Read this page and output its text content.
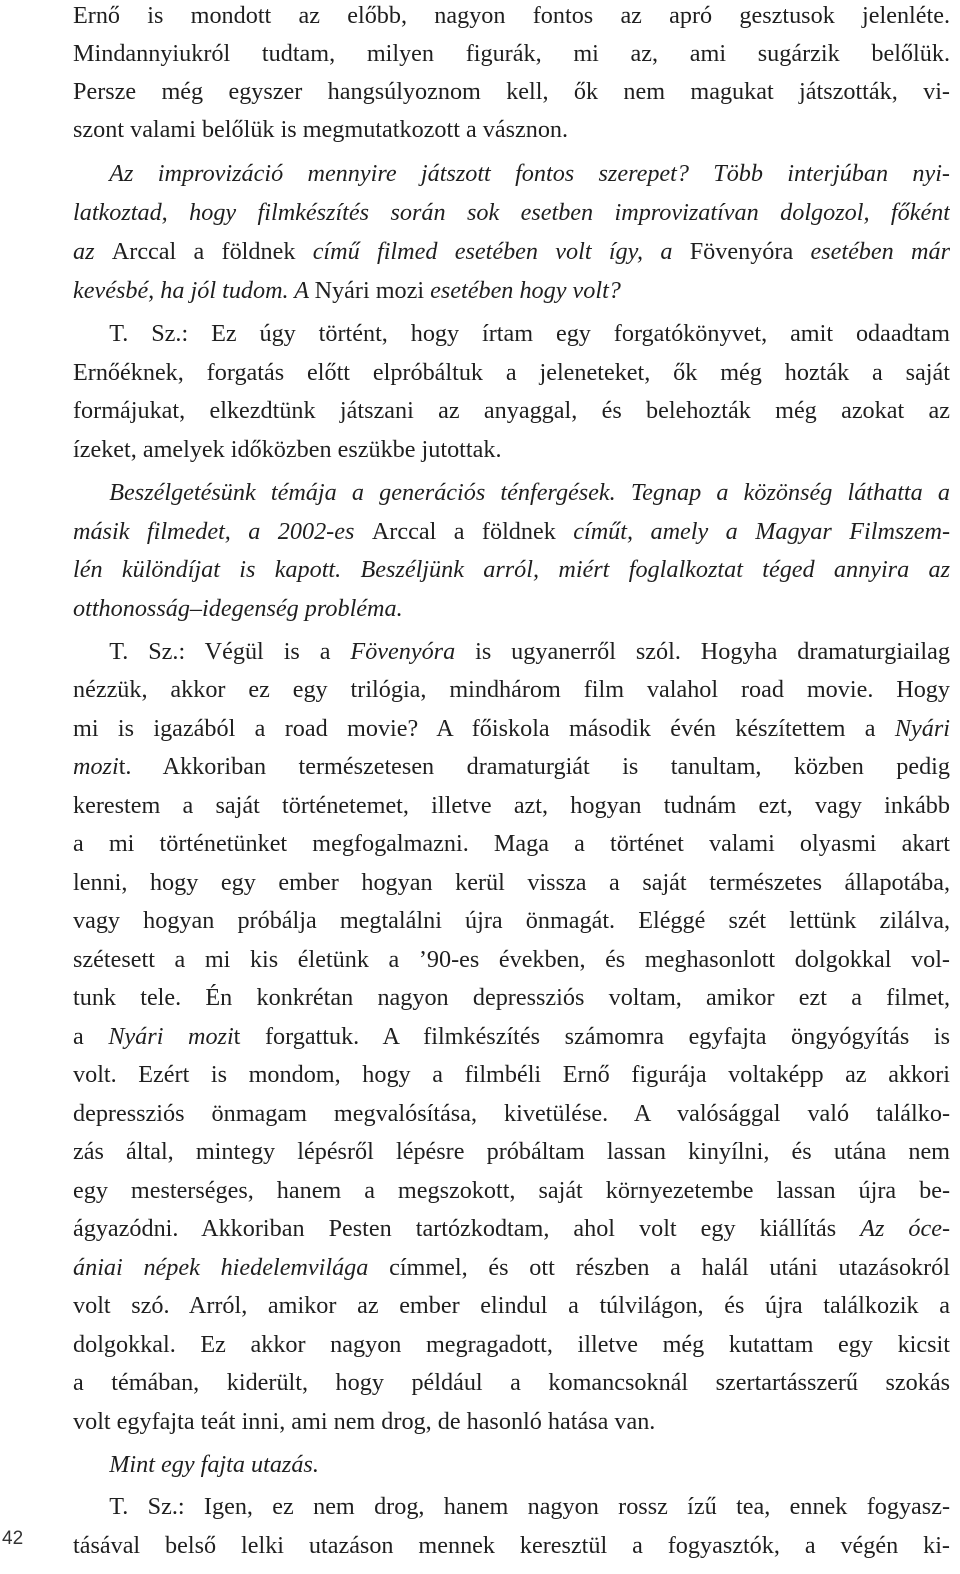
Ernő is mondott az előbb, nagyon fontos az apró gesztusok jelenléte.
Mindannyiukról tudtam, milyen figurák, mi az, ami sugárzik belőlük.
Persze még egyszer hangsúlyoznom kell, ők nem magukat játszották, vi-
szont valami belőlük is megmutatkozott a vásznon.
  Az improvizáció mennyire játszott fontos szerepet? Több interjúban nyi-
latkoztad, hogy filmkészítés során sok esetben improvizatívan dolgozol, főként
az Arccal a földnek című filmed esetében volt így, a Fövenyóra esetében már
kevésbé, ha jól tudom. A Nyári mozi esetében hogy volt?
  T. Sz.: Ez úgy történt, hogy írtam egy forgatókönyvet, amit odaadtam
Ernőéknek, forgatás előtt elpróbáltuk a jeleneteket, ők még hozták a saját
formájukat, elkezdtünk játszani az anyaggal, és belehozták még azokat az
ízeket, amelyek időközben eszükbe jutottak.
  Beszélgetésünk témája a generációs ténfergések. Tegnap a közönség láthatta a
másik filmedet, a 2002-es Arccal a földnek címűt, amely a Magyar Filmszem-
lén különdíjat is kapott. Beszéljünk arról, miért foglalkoztat téged annyira az
otthonosság–idegenség probléma.
  T. Sz.: Végül is a Fövenyóra is ugyanerről szól. Hogyha dramaturgiailag
nézzük, akkor ez egy trilógia, mindhárom film valahol road movie. Hogy
mi is igazából a road movie? A főiskola második évén készítettem a Nyári
mozit. Akkoriban természetesen dramaturgiát is tanultam, közben pedig
kerestem a saját történetemet, illetve azt, hogyan tudnám ezt, vagy inkább
a mi történetünket megfogalmazni. Maga a történet valami olyasmi akart
lenni, hogy egy ember hogyan kerül vissza a saját természetes állapotába,
vagy hogyan próbálja megtalálni újra önmagát. Eléggé szét lettünk zilálva,
szétesett a mi kis életünk a ’90-es években, és meghasonlott dolgokkal vol-
tunk tele. Én konkrétan nagyon depressziós voltam, amikor ezt a filmet,
a Nyári mozit forgattuk. A filmkészítés számomra egyfajta öngyógyítás is
volt. Ezért is mondom, hogy a filmbéli Ernő figurája voltaképp az akkori
depressziós önmagam megvalósítása, kivetülése. A valósággal való találko-
zás által, mintegy lépésről lépésre próbáltam lassan kinyílni, és utána nem
egy mesterséges, hanem a megszokott, saját környezetembe lassan újra be-
ágyazódni. Akkoriban Pesten tartózkodtam, ahol volt egy kiállítás Az óce-
ániai népek hiedelemvilága címmel, és ott részben a halál utáni utazásokról
volt szó. Arról, amikor az ember elindul a túlvilágon, és újra találkozik a
dolgokkal. Ez akkor nagyon megragadott, illetve még kutattam egy kicsit
a témában, kiderült, hogy például a komancsoknál szertartásszerű szokás
volt egyfajta teát inni, ami nem drog, de hasonló hatása van.
  Mint egy fajta utazás.
  T. Sz.: Igen, ez nem drog, hanem nagyon rossz ízű tea, ennek fogyasz-
tásával belső lelki utazáson mennek keresztül a fogyasztók, a végén ki-
42
